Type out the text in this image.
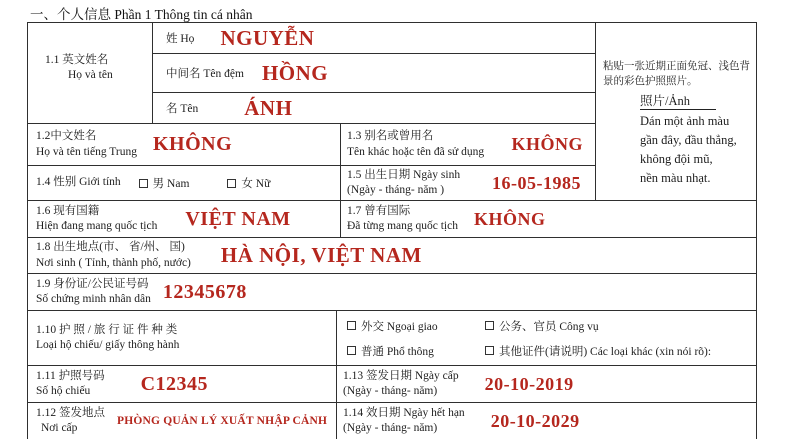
一、个人信息 Phần 1 Thông tin cá nhân
1.1 英文姓名
Họ và tên
姓 Họ NGUYỄN
中间名 Tên đệm HỒNG
名 Tên ÁNH
粘贴一张近期正面免冠、浅色背
景的彩色护照照片。
照片/Ảnh
Dán một ảnh màu
gần đây, đầu thẳng,
không đội mũ,
nền màu nhạt.
1.2中文姓名
Họ và tên tiếng Trung KHÔNG	1.3 别名或曾用名
Tên khác hoặc tên đã sử dụng KHÔNG
1.4 性别 Giới tính	男 Nam	女 Nữ
1.5 出生日期 Ngày sinh
(Ngày - tháng- năm )	16-05-1985
1.6 现有国籍
Hiện đang mang quốc tịch VIỆT NAM	1.7 曾有国际
Đã từng mang quốc tịch KHÔNG
1.8 出生地点(市、 省/州、 国)
Nơi sinh ( Tỉnh, thành phố, nước) HÀ NỘI, VIỆT NAM
1.9 身份证/公民证号码
Số chứng minh nhân dân 12345678
1.10 护 照 / 旅 行 证 件 种 类
Loại hộ chiếu/ giấy thông hành
外交 Ngoại giao	公务、官员 Công vụ
普通 Phổ thông	其他证件(请说明) Các loại khác (xin nói rõ):
1.11 护照号码
Số hộ chiếu	C12345	1.13 签发日期 Ngày cấp
(Ngày - tháng- năm)	20-10-2019
1.12 签发地点
Nơi cấp
PHÒNG QUẢN LÝ XUẤT NHẬP CẢNH
1.14 效日期 Ngày hết hạn
(Ngày - tháng- năm)	20-10-2029
